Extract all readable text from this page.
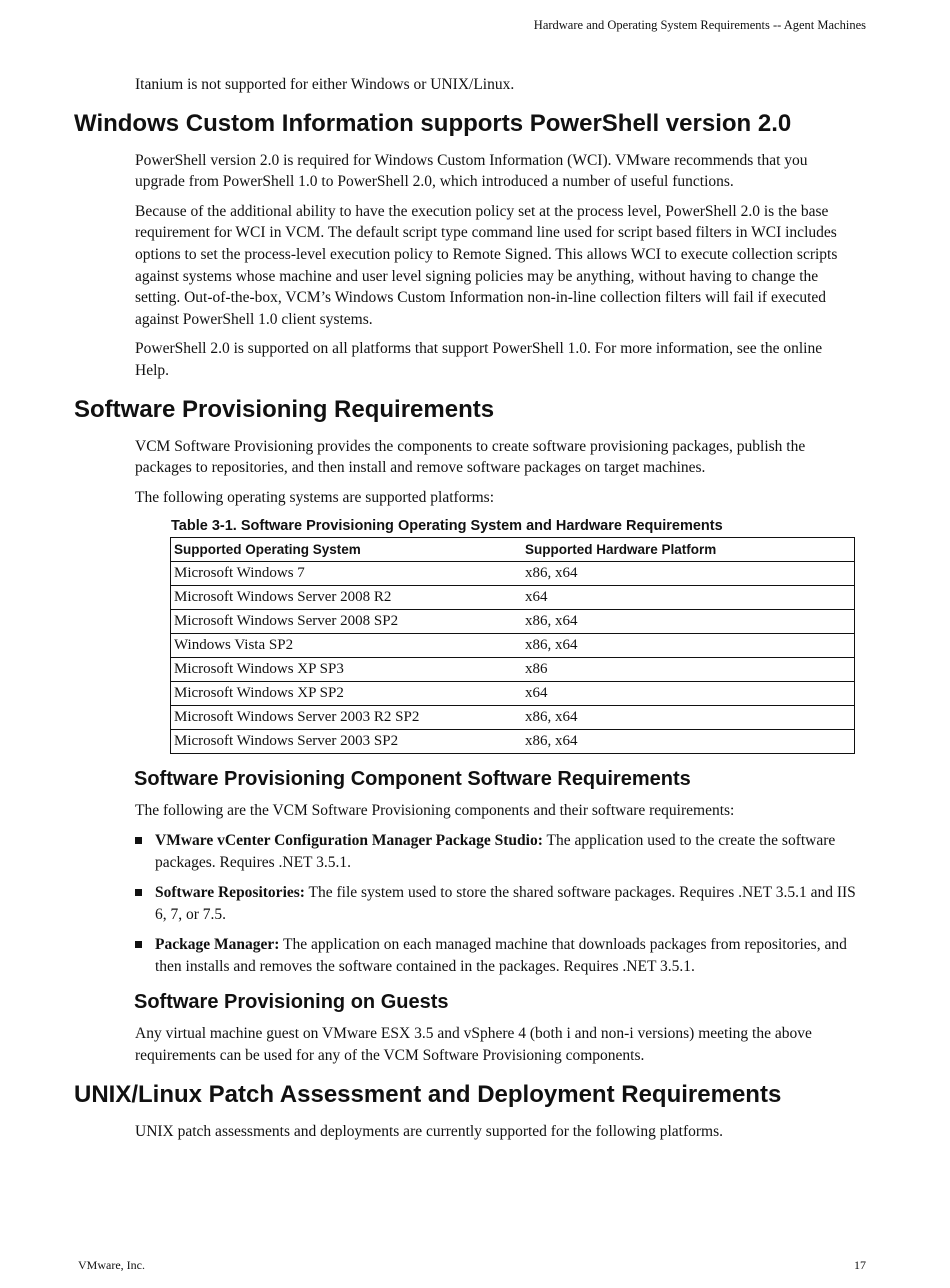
Hardware and Operating System Requirements -- Agent Machines

Itanium is not supported for either Windows or UNIX/Linux.

Windows Custom Information supports PowerShell version 2.0

PowerShell version 2.0 is required for Windows Custom Information (WCI). VMware recommends that you upgrade from PowerShell 1.0 to PowerShell 2.0, which introduced a number of useful functions.

Because of the additional ability to have the execution policy set at the process level, PowerShell 2.0 is the base requirement for WCI in VCM. The default script type command line used for script based filters in WCI includes options to set the process-level execution policy to Remote Signed. This allows WCI to execute collection scripts against systems whose machine and user level signing policies may be anything, without having to change the setting. Out-of-the-box, VCM’s Windows Custom Information non-in-line collection filters will fail if executed against PowerShell 1.0 client systems.

PowerShell 2.0 is supported on all platforms that support PowerShell 1.0. For more information, see the online Help.

Software Provisioning Requirements

VCM Software Provisioning provides the components to create software provisioning packages, publish the packages to repositories, and then install and remove software packages on target machines.

The following operating systems are supported platforms:

Table 3-1. Software Provisioning Operating System and Hardware Requirements
Supported Operating System	Supported Hardware Platform
Microsoft Windows 7	x86, x64
Microsoft Windows Server 2008 R2	x64
Microsoft Windows Server 2008 SP2	x86, x64
Windows Vista SP2	x86, x64
Microsoft Windows XP SP3	x86
Microsoft Windows XP SP2	x64
Microsoft Windows Server 2003 R2 SP2	x86, x64
Microsoft Windows Server 2003 SP2	x86, x64
Software Provisioning Component Software Requirements

The following are the VCM Software Provisioning components and their software requirements:

VMware vCenter Configuration Manager Package Studio: The application used to the create the software packages. Requires .NET 3.5.1.
Software Repositories: The file system used to store the shared software packages. Requires .NET 3.5.1 and IIS 6, 7, or 7.5.
Package Manager: The application on each managed machine that downloads packages from repositories, and then installs and removes the software contained in the packages. Requires .NET 3.5.1.
Software Provisioning on Guests

Any virtual machine guest on VMware ESX 3.5 and vSphere 4 (both i and non-i versions) meeting the above requirements can be used for any of the VCM Software Provisioning components.

UNIX/Linux Patch Assessment and Deployment Requirements

UNIX patch assessments and deployments are currently supported for the following platforms.

VMware, Inc.	17
